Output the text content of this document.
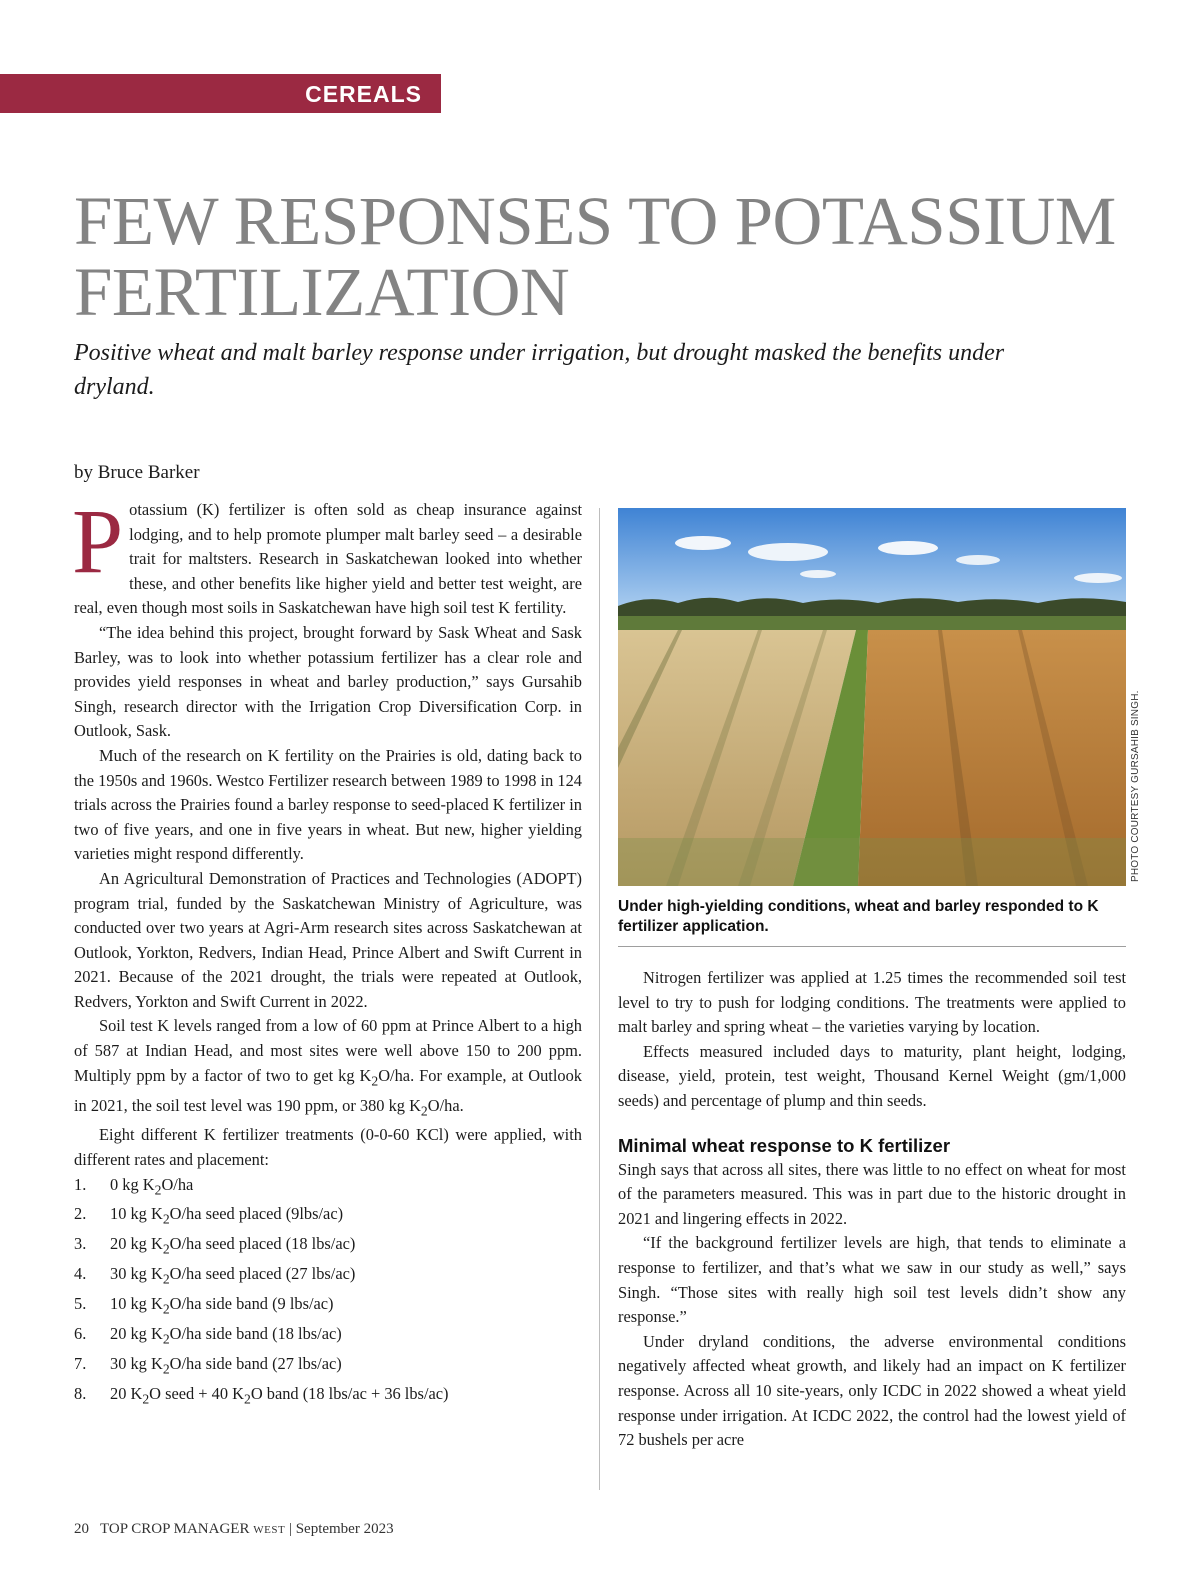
CEREALS
FEW RESPONSES TO POTASSIUM FERTILIZATION
Positive wheat and malt barley response under irrigation, but drought masked the benefits under dryland.
by Bruce Barker

Potassium (K) fertilizer is often sold as cheap insurance against lodging, and to help promote plumper malt barley seed – a desirable trait for maltsters. Research in Saskatchewan looked into whether these, and other benefits like higher yield and better test weight, are real, even though most soils in Saskatchewan have high soil test K fertility.

“The idea behind this project, brought forward by Sask Wheat and Sask Barley, was to look into whether potassium fertilizer has a clear role and provides yield responses in wheat and barley production,” says Gursahib Singh, research director with the Irrigation Crop Diversification Corp. in Outlook, Sask.

Much of the research on K fertility on the Prairies is old, dating back to the 1950s and 1960s. Westco Fertilizer research between 1989 to 1998 in 124 trials across the Prairies found a barley response to seed-placed K fertilizer in two of five years, and one in five years in wheat. But new, higher yielding varieties might respond differently.

An Agricultural Demonstration of Practices and Technologies (ADOPT) program trial, funded by the Saskatchewan Ministry of Agriculture, was conducted over two years at Agri-Arm research sites across Saskatchewan at Outlook, Yorkton, Redvers, Indian Head, Prince Albert and Swift Current in 2021. Because of the 2021 drought, the trials were repeated at Outlook, Redvers, Yorkton and Swift Current in 2022.

Soil test K levels ranged from a low of 60 ppm at Prince Albert to a high of 587 at Indian Head, and most sites were well above 150 to 200 ppm. Multiply ppm by a factor of two to get kg $K_2O/ha$. For example, at Outlook in 2021, the soil test level was 190 ppm, or 380 kg $K_2O/ha$.

Eight different K fertilizer treatments (0-0-60 KCl) were applied, with different rates and placement:

1.	0 kg $K_2O/ha$
2.	10 kg $K_2O/ha$ seed placed (9lbs/ac)
3.	20 kg $K_2O/ha$ seed placed (18 lbs/ac)
4.	30 kg $K_2O/ha$ seed placed (27 lbs/ac)
5.	10 kg $K_2O/ha$ side band (9 lbs/ac)
6.	20 kg $K_2O/ha$ side band (18 lbs/ac)
7.	30 kg $K_2O/ha$ side band (27 lbs/ac)
8.	20 $K_2O$ seed + 40 $K_2O$ band (18 lbs/ac + 36 lbs/ac)
PHOTO COURTESY GURSAHIB SINGH.
Under high-yielding conditions, wheat and barley responded to K fertilizer application.

Nitrogen fertilizer was applied at 1.25 times the recommended soil test level to try to push for lodging conditions. The treatments were applied to malt barley and spring wheat – the varieties varying by location.

Effects measured included days to maturity, plant height, lodging, disease, yield, protein, test weight, Thousand Kernel Weight (gm/1,000 seeds) and percentage of plump and thin seeds.

Minimal wheat response to K fertilizer

Singh says that across all sites, there was little to no effect on wheat for most of the parameters measured. This was in part due to the historic drought in 2021 and lingering effects in 2022.

“If the background fertilizer levels are high, that tends to eliminate a response to fertilizer, and that’s what we saw in our study as well,” says Singh. “Those sites with really high soil test levels didn’t show any response.”

Under dryland conditions, the adverse environmental conditions negatively affected wheat growth, and likely had an impact on K fertilizer response. Across all 10 site-years, only ICDC in 2022 showed a wheat yield response under irrigation. At ICDC 2022, the control had the lowest yield of 72 bushels per acre

20 TOP CROP MANAGER WEST | September 2023
